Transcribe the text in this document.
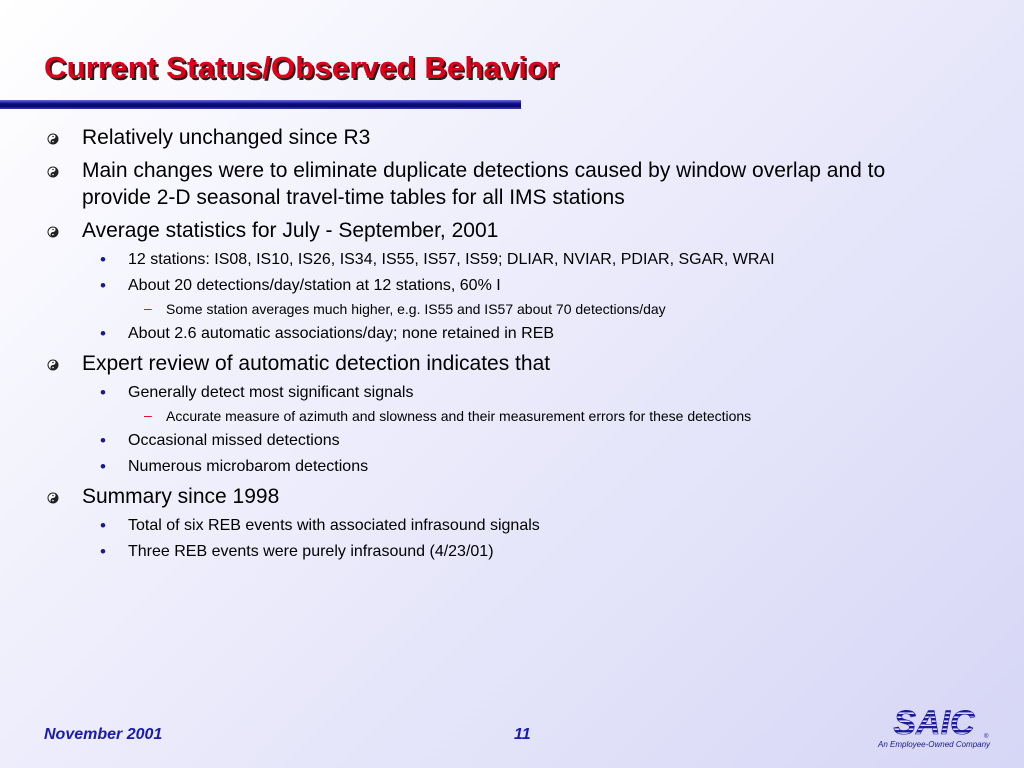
Current Status/Observed Behavior
Relatively unchanged since R3
Main changes were to eliminate duplicate detections caused by window overlap and to provide 2-D seasonal travel-time tables for all IMS stations
Average statistics for July - September, 2001
• 12 stations: IS08, IS10, IS26, IS34, IS55, IS57, IS59; DLIAR, NVIAR, PDIAR, SGAR, WRAI
• About 20 detections/day/station at 12 stations, 60% I
– Some station averages much higher, e.g. IS55 and IS57 about 70 detections/day
• About 2.6 automatic associations/day; none retained in REB
Expert review of automatic detection indicates that
• Generally detect most significant signals
– Accurate measure of azimuth and slowness and their measurement errors for these detections
• Occasional missed detections
• Numerous microbarom detections
Summary since 1998
• Total of six REB events with associated infrasound signals
• Three REB events were purely infrasound (4/23/01)
November 2001	11	SAIC ®
An Employee-Owned Company
